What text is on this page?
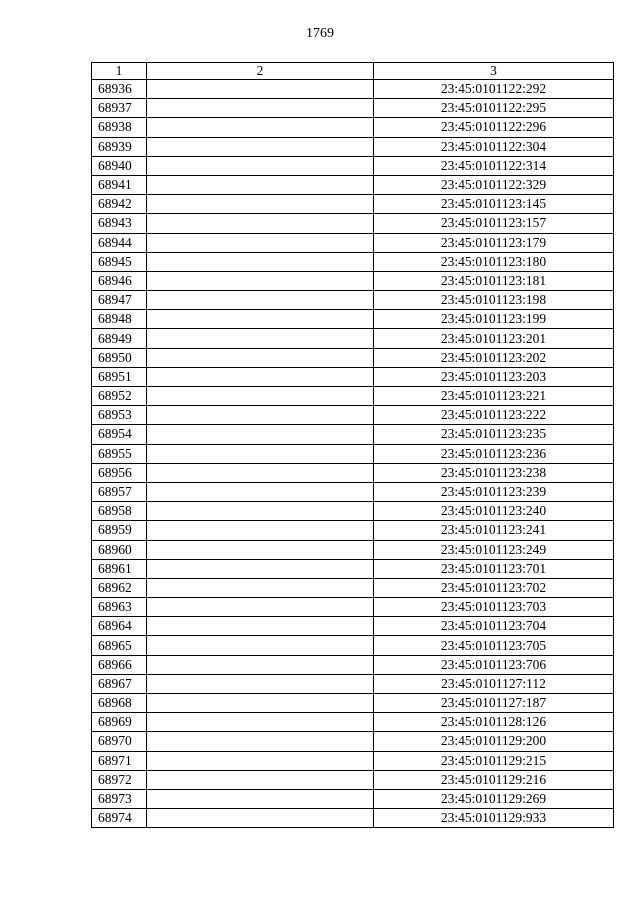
1769
1	2	3
68936		23:45:0101122:292
68937		23:45:0101122:295
68938		23:45:0101122:296
68939		23:45:0101122:304
68940		23:45:0101122:314
68941		23:45:0101122:329
68942		23:45:0101123:145
68943		23:45:0101123:157
68944		23:45:0101123:179
68945		23:45:0101123:180
68946		23:45:0101123:181
68947		23:45:0101123:198
68948		23:45:0101123:199
68949		23:45:0101123:201
68950		23:45:0101123:202
68951		23:45:0101123:203
68952		23:45:0101123:221
68953		23:45:0101123:222
68954		23:45:0101123:235
68955		23:45:0101123:236
68956		23:45:0101123:238
68957		23:45:0101123:239
68958		23:45:0101123:240
68959		23:45:0101123:241
68960		23:45:0101123:249
68961		23:45:0101123:701
68962		23:45:0101123:702
68963		23:45:0101123:703
68964		23:45:0101123:704
68965		23:45:0101123:705
68966		23:45:0101123:706
68967		23:45:0101127:112
68968		23:45:0101127:187
68969		23:45:0101128:126
68970		23:45:0101129:200
68971		23:45:0101129:215
68972		23:45:0101129:216
68973		23:45:0101129:269
68974		23:45:0101129:933
